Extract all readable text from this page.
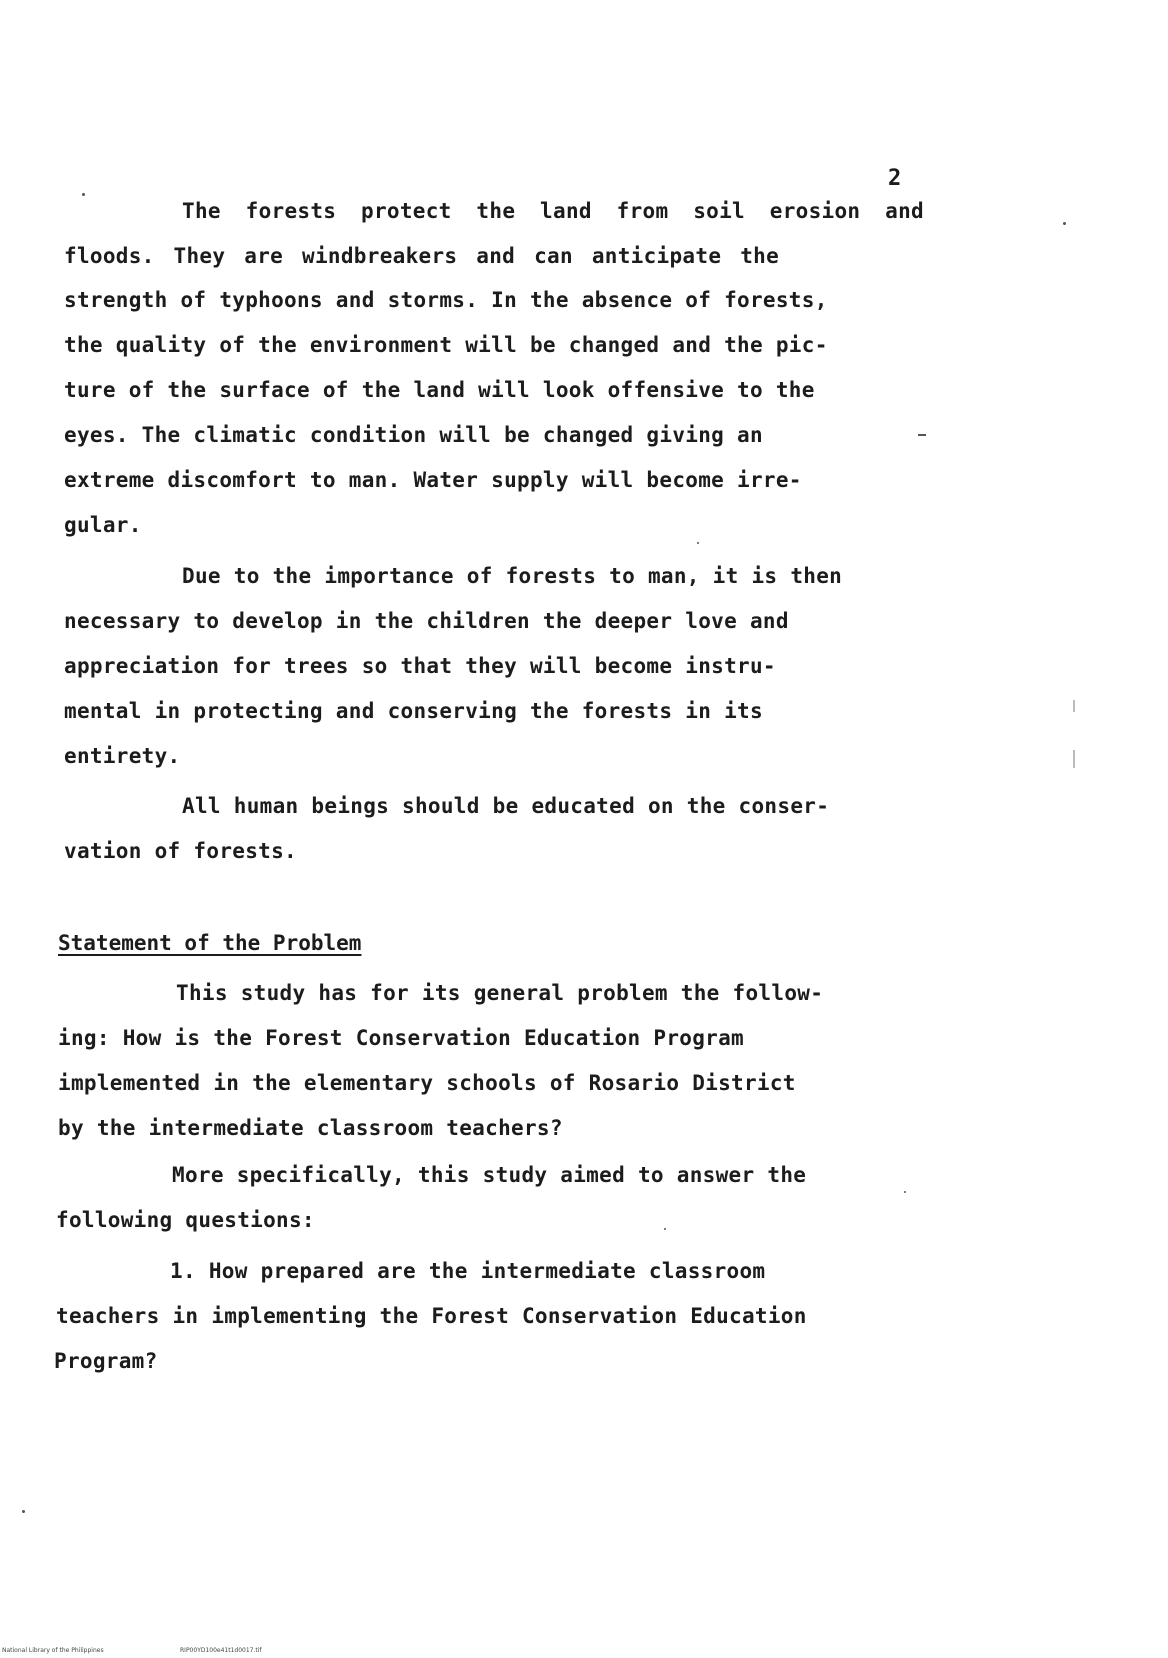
2
The forests protect the land from soil erosion and
floods. They are windbreakers and can anticipate the
strength of typhoons and storms. In the absence of forests,
the quality of the environment will be changed and the pic-
ture of the surface of the land will look offensive to the
eyes. The climatic condition will be changed giving an
extreme discomfort to man. Water supply will become irre-
gular.
Due to the importance of forests to man, it is then
necessary to develop in the children the deeper love and
appreciation for trees so that they will become instru-
mental in protecting and conserving the forests in its
entirety.
All human beings should be educated on the conser-
vation of forests.
Statement of the Problem
This study has for its general problem the follow-
ing: How is the Forest Conservation Education Program
implemented in the elementary schools of Rosario District
by the intermediate classroom teachers?
More specifically, this study aimed to answer the
following questions:
1. How prepared are the intermediate classroom
teachers in implementing the Forest Conservation Education
Program?
National Library of the Philippines	RIP00YD100e41t1d0017.tif
